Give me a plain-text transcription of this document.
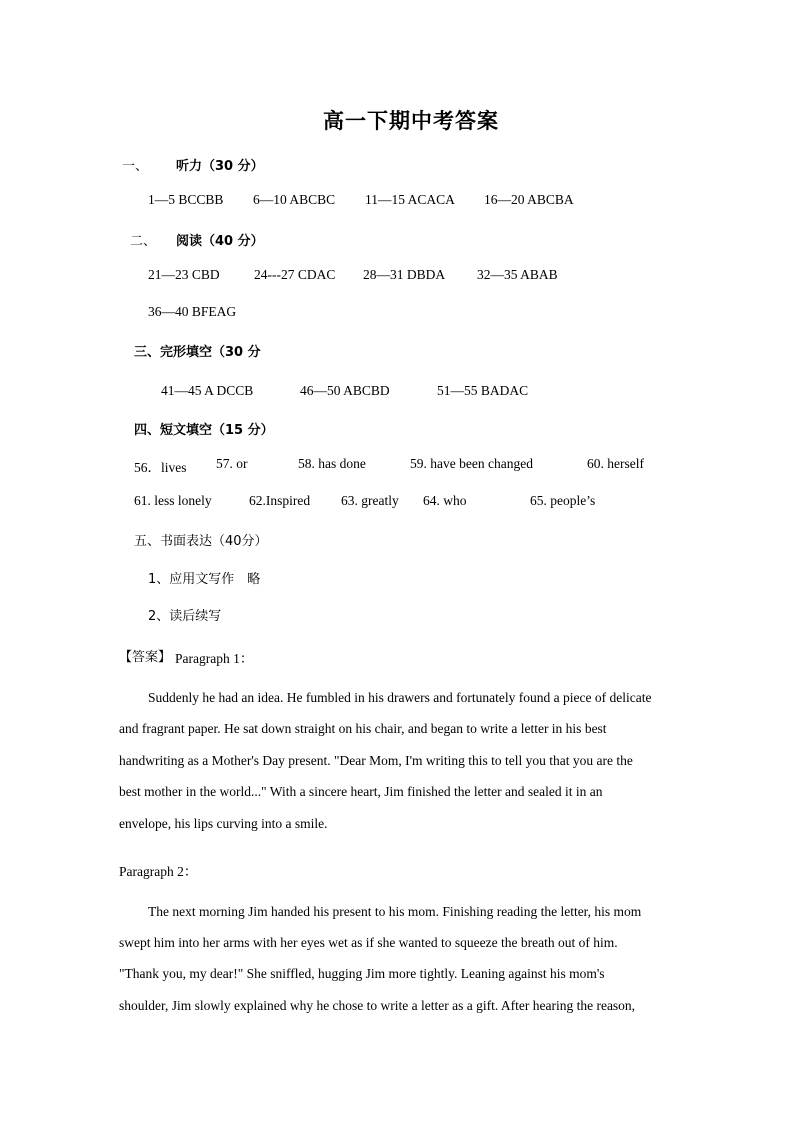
高一下期中考答案
一、 听力（30 分）
1—5 BCCBB 6—10 ABCBC 11—15 ACACA 16—20 ABCBA
二、 阅读（40 分）
21—23 CBD	24---27 CDAC 28—31 DBDA 32—35 ABAB
36—40 BFEAG
三、完形填空（30 分
41—45 A DCCB	46—50 ABCBD	51—55 BADAC
四、短文填空（15 分）
56．lives 57. or	58. has done	59. have been changed	60. herself
61. less lonely	62.Inspired 63. greatly 64. who	65. people’s
五、书面表达（40分）
1、应用文写作　略
2、读后续写
【答案】 Paragraph 1：
Suddenly he had an idea. He fumbled in his drawers and fortunately found a piece of delicate
and fragrant paper. He sat down straight on his chair, and began to write a letter in his best
handwriting as a Mother's Day present. "Dear Mom, I'm writing this to tell you that you are the
best mother in the world..." With a sincere heart, Jim finished the letter and sealed it in an
envelope, his lips curving into a smile.
Paragraph 2：
The next morning Jim handed his present to his mom. Finishing reading the letter, his mom
swept him into her arms with her eyes wet as if she wanted to squeeze the breath out of him.
"Thank you, my dear!" She sniffled, hugging Jim more tightly. Leaning against his mom's
shoulder, Jim slowly explained why he chose to write a letter as a gift. After hearing the reason,
